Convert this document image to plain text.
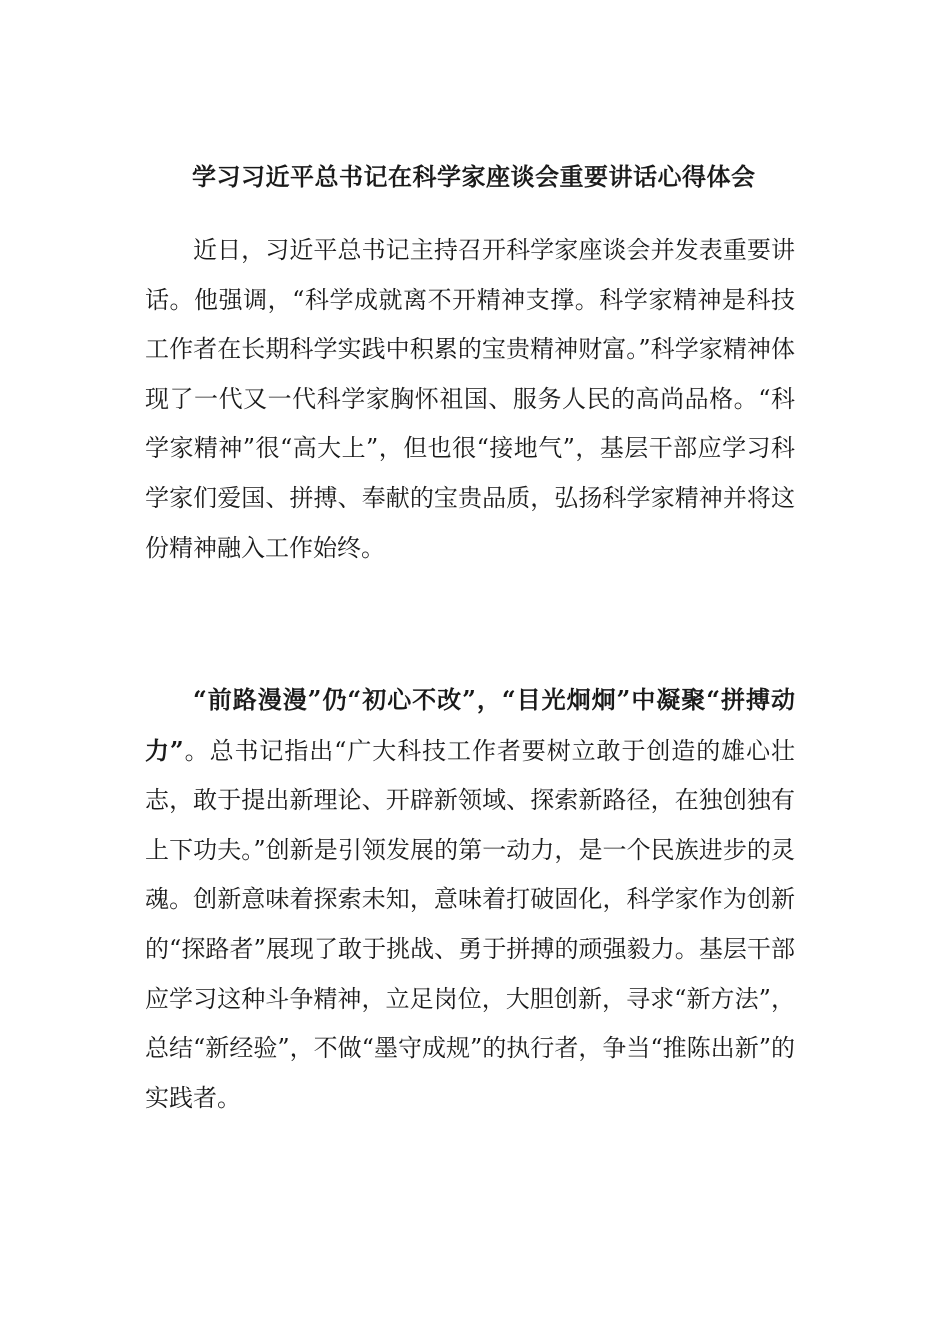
学习习近平总书记在科学家座谈会重要讲话心得体会

近日，习近平总书记主持召开科学家座谈会并发表重要讲话。他强调，“科学成就离不开精神支撑。科学家精神是科技工作者在长期科学实践中积累的宝贵精神财富。”科学家精神体现了一代又一代科学家胸怀祖国、服务人民的高尚品格。“科学家精神”很“高大上”，但也很“接地气”，基层干部应学习科学家们爱国、拼搏、奉献的宝贵品质，弘扬科学家精神并将这份精神融入工作始终。

“前路漫漫”仍“初心不改”，“目光炯炯”中凝聚“拼搏动力”。总书记指出“广大科技工作者要树立敢于创造的雄心壮志，敢于提出新理论、开辟新领域、探索新路径，在独创独有上下功夫。”创新是引领发展的第一动力，是一个民族进步的灵魂。创新意味着探索未知，意味着打破固化，科学家作为创新的“探路者”展现了敢于挑战、勇于拼搏的顽强毅力。基层干部应学习这种斗争精神，立足岗位，大胆创新，寻求“新方法”，总结“新经验”，不做“墨守成规”的执行者，争当“推陈出新”的实践者。
